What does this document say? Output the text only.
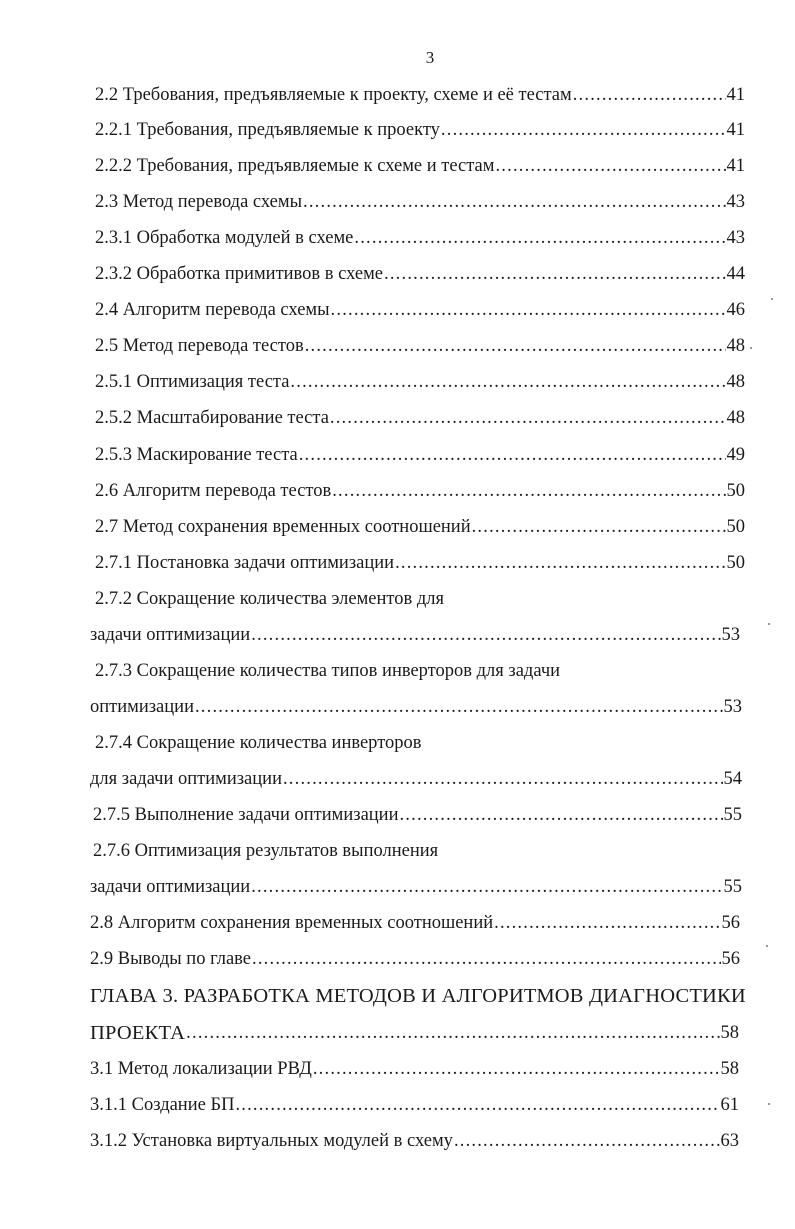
3
2.2 Требования, предъявляемые к проекту, схеме и её тестам .....	41
2.2.1 Требования, предъявляемые к проекту .....	41
2.2.2 Требования, предъявляемые к схеме и тестам .....	41
2.3 Метод перевода схемы .....	43
2.3.1 Обработка модулей в схеме .....	43
2.3.2 Обработка примитивов в схеме .....	44
2.4 Алгоритм перевода схемы .....	46
2.5 Метод перевода тестов .....	48
2.5.1 Оптимизация теста .....	48
2.5.2 Масштабирование теста .....	48
2.5.3 Маскирование теста .....	49
2.6 Алгоритм перевода тестов .....	50
2.7 Метод сохранения временных соотношений .....	50
2.7.1 Постановка задачи оптимизации .....	50
2.7.2 Сокращение количества элементов для
задачи оптимизации .....	53
2.7.3 Сокращение количества типов инверторов для задачи
оптимизации .....	53
2.7.4 Сокращение количества инверторов
для задачи оптимизации .....	54
2.7.5 Выполнение задачи оптимизации .....	55
2.7.6 Оптимизация результатов выполнения
задачи оптимизации .....	55
2.8 Алгоритм сохранения временных соотношений .....	56
2.9 Выводы по главе .....	56
ГЛАВА 3. РАЗРАБОТКА МЕТОДОВ И АЛГОРИТМОВ ДИАГНОСТИКИ
ПРОЕКТА .....	58
3.1 Метод локализации РВД .....	58
3.1.1 Создание БП .....	61
3.1.2 Установка виртуальных модулей в схему .....	63
